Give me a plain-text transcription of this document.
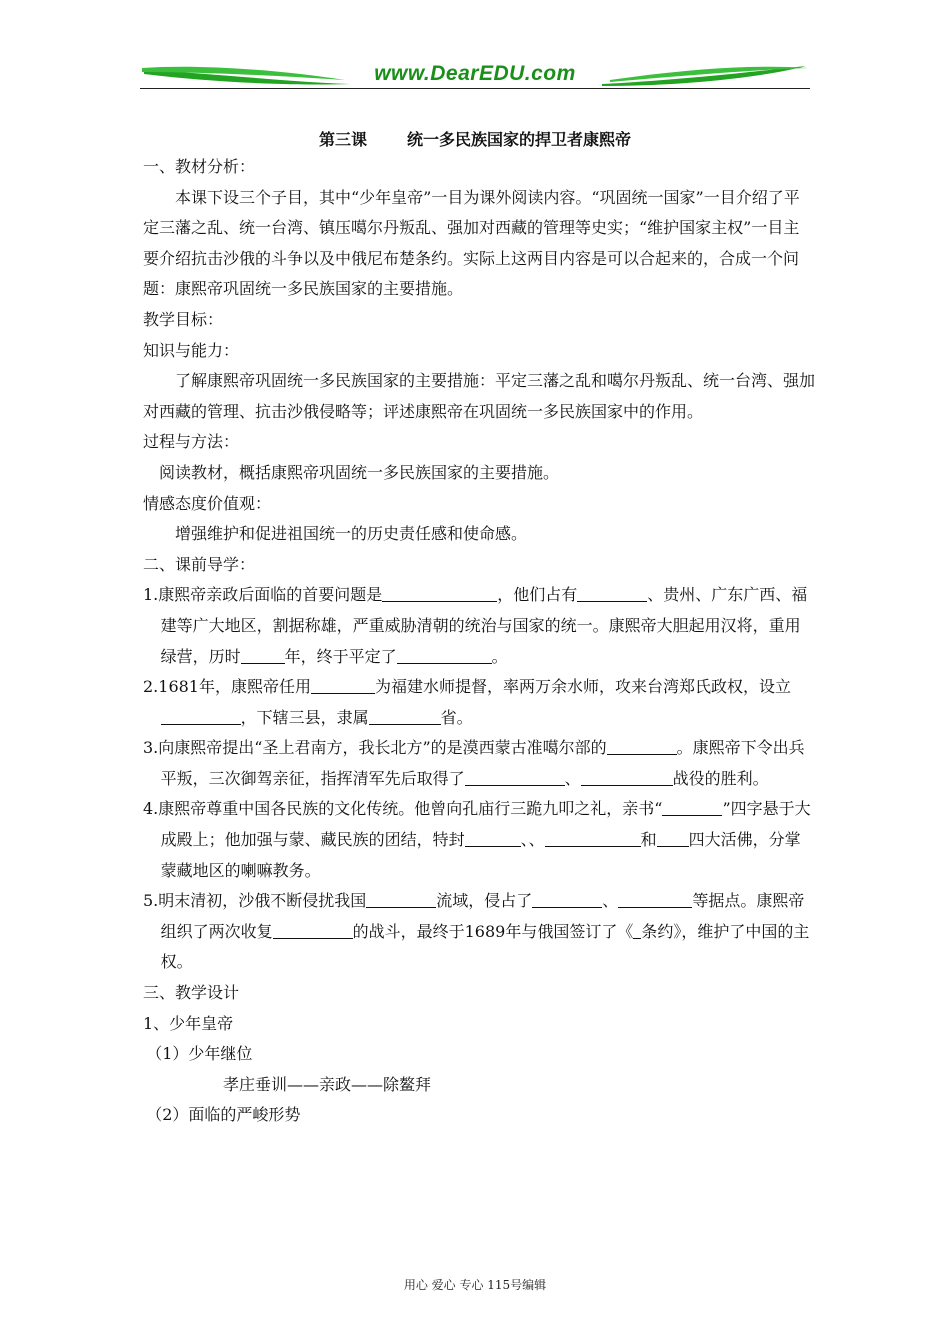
www.DearEDU.com
第三课	统一多民族国家的捍卫者康熙帝

一、教材分析：

本课下设三个子目，其中“少年皇帝”一目为课外阅读内容。“巩固统一国家”一目介绍了平定三藩之乱、统一台湾、镇压噶尔丹叛乱、强加对西藏的管理等史实；“维护国家主权”一目主要介绍抗击沙俄的斗争以及中俄尼布楚条约。实际上这两目内容是可以合起来的，合成一个问题：康熙帝巩固统一多民族国家的主要措施。

教学目标：

知识与能力：

了解康熙帝巩固统一多民族国家的主要措施：平定三藩之乱和噶尔丹叛乱、统一台湾、强加对西藏的管理、抗击沙俄侵略等；评述康熙帝在巩固统一多民族国家中的作用。

过程与方法：

阅读教材，概括康熙帝巩固统一多民族国家的主要措施。

情感态度价值观：

增强维护和促进祖国统一的历史责任感和使命感。

二、课前导学：

1.康熙帝亲政后面临的首要问题是	，他们占有	、贵州、广东广西、福建等广大地区，割据称雄，严重威胁清朝的统治与国家的统一。康熙帝大胆起用汉将，重用绿营，历时	年，终于平定了	。

2.1681年，康熙帝任用	为福建水师提督，率两万余水师，攻来台湾郑氏政权，设立，下辖三县，隶属	省。

3.向康熙帝提出“圣上君南方，我长北方”的是漠西蒙古准噶尔部的	。康熙帝下令出兵平叛，三次御驾亲征，指挥清军先后取得了	、	战役的胜利。

4.康熙帝尊重中国各民族的文化传统。他曾向孔庙行三跪九叩之礼，亲书“	”四字悬于大成殿上；他加强与蒙、藏民族的团结，特封	、、	和 四大活佛，分掌蒙藏地区的喇嘛教务。

5.明末清初，沙俄不断侵扰我国	流域，侵占了	、	等据点。康熙帝组织了两次收复	的战斗，最终于1689年与俄国签订了《 条约》，维护了中国的主权。

三、教学设计

1、少年皇帝

（1）少年继位

孝庄垂训——亲政——除鳌拜

（2）面临的严峻形势

用心 爱心 专心 115号编辑
